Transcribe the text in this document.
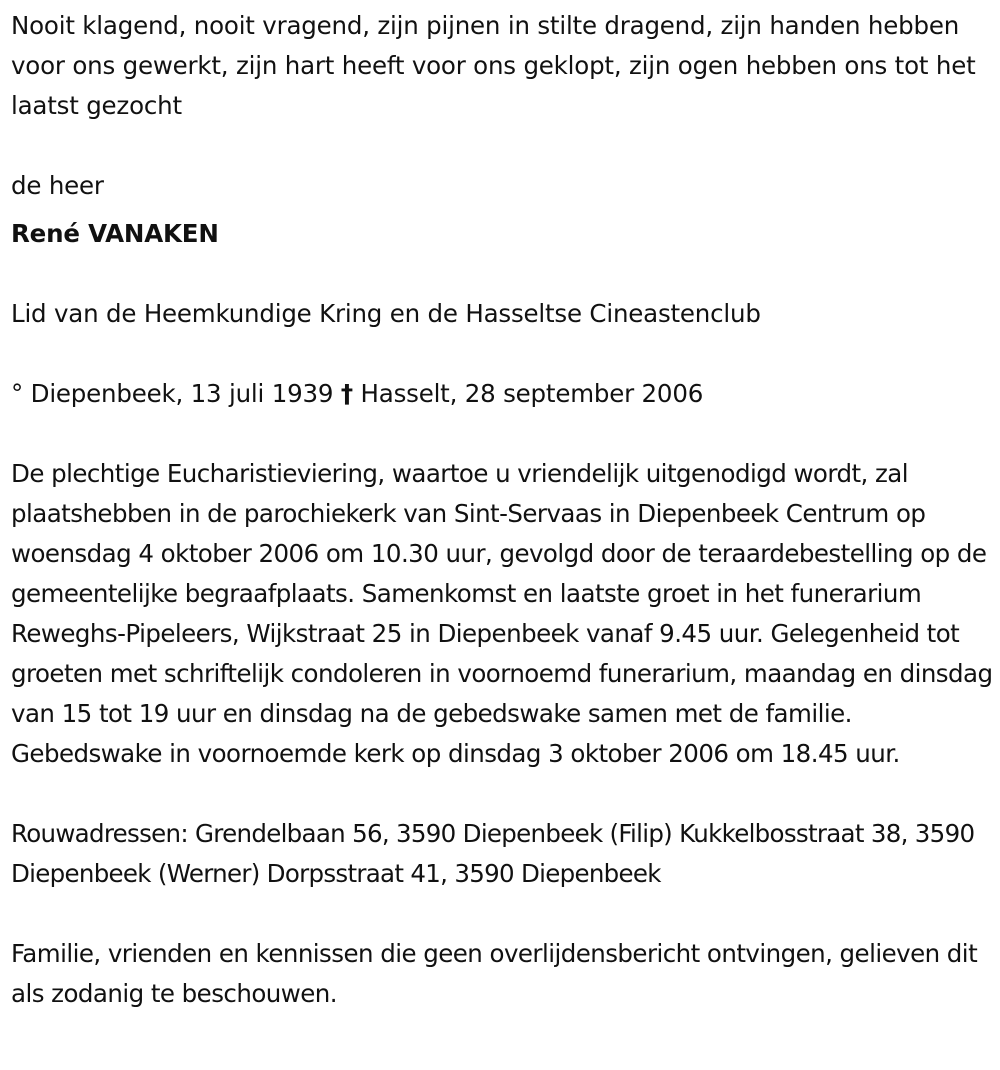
Nooit klagend, nooit vragend, zijn pijnen in stilte dragend, zijn handen hebben voor ons gewerkt, zijn hart heeft voor ons geklopt, zijn ogen hebben ons tot het laatst gezocht

de heer

René VANAKEN

Lid van de Heemkundige Kring en de Hasseltse Cineastenclub

° Diepenbeek, 13 juli 1939 † Hasselt, 28 september 2006

De plechtige Eucharistieviering, waartoe u vriendelijk uitgenodigd wordt, zal plaatshebben in de parochiekerk van Sint-Servaas in Diepenbeek Centrum op woensdag 4 oktober 2006 om 10.30 uur, gevolgd door de teraardebestelling op de gemeentelijke begraafplaats. Samenkomst en laatste groet in het funerarium Reweghs-Pipeleers, Wijkstraat 25 in Diepenbeek vanaf 9.45 uur. Gelegenheid tot groeten met schriftelijk condoleren in voornoemd funerarium, maandag en dinsdag van 15 tot 19 uur en dinsdag na de gebedswake samen met de familie. Gebedswake in voornoemde kerk op dinsdag 3 oktober 2006 om 18.45 uur.

Rouwadressen: Grendelbaan 56, 3590 Diepenbeek (Filip) Kukkelbosstraat 38, 3590 Diepenbeek (Werner) Dorpsstraat 41, 3590 Diepenbeek

Familie, vrienden en kennissen die geen overlijdensbericht ontvingen, gelieven dit als zodanig te beschouwen.
